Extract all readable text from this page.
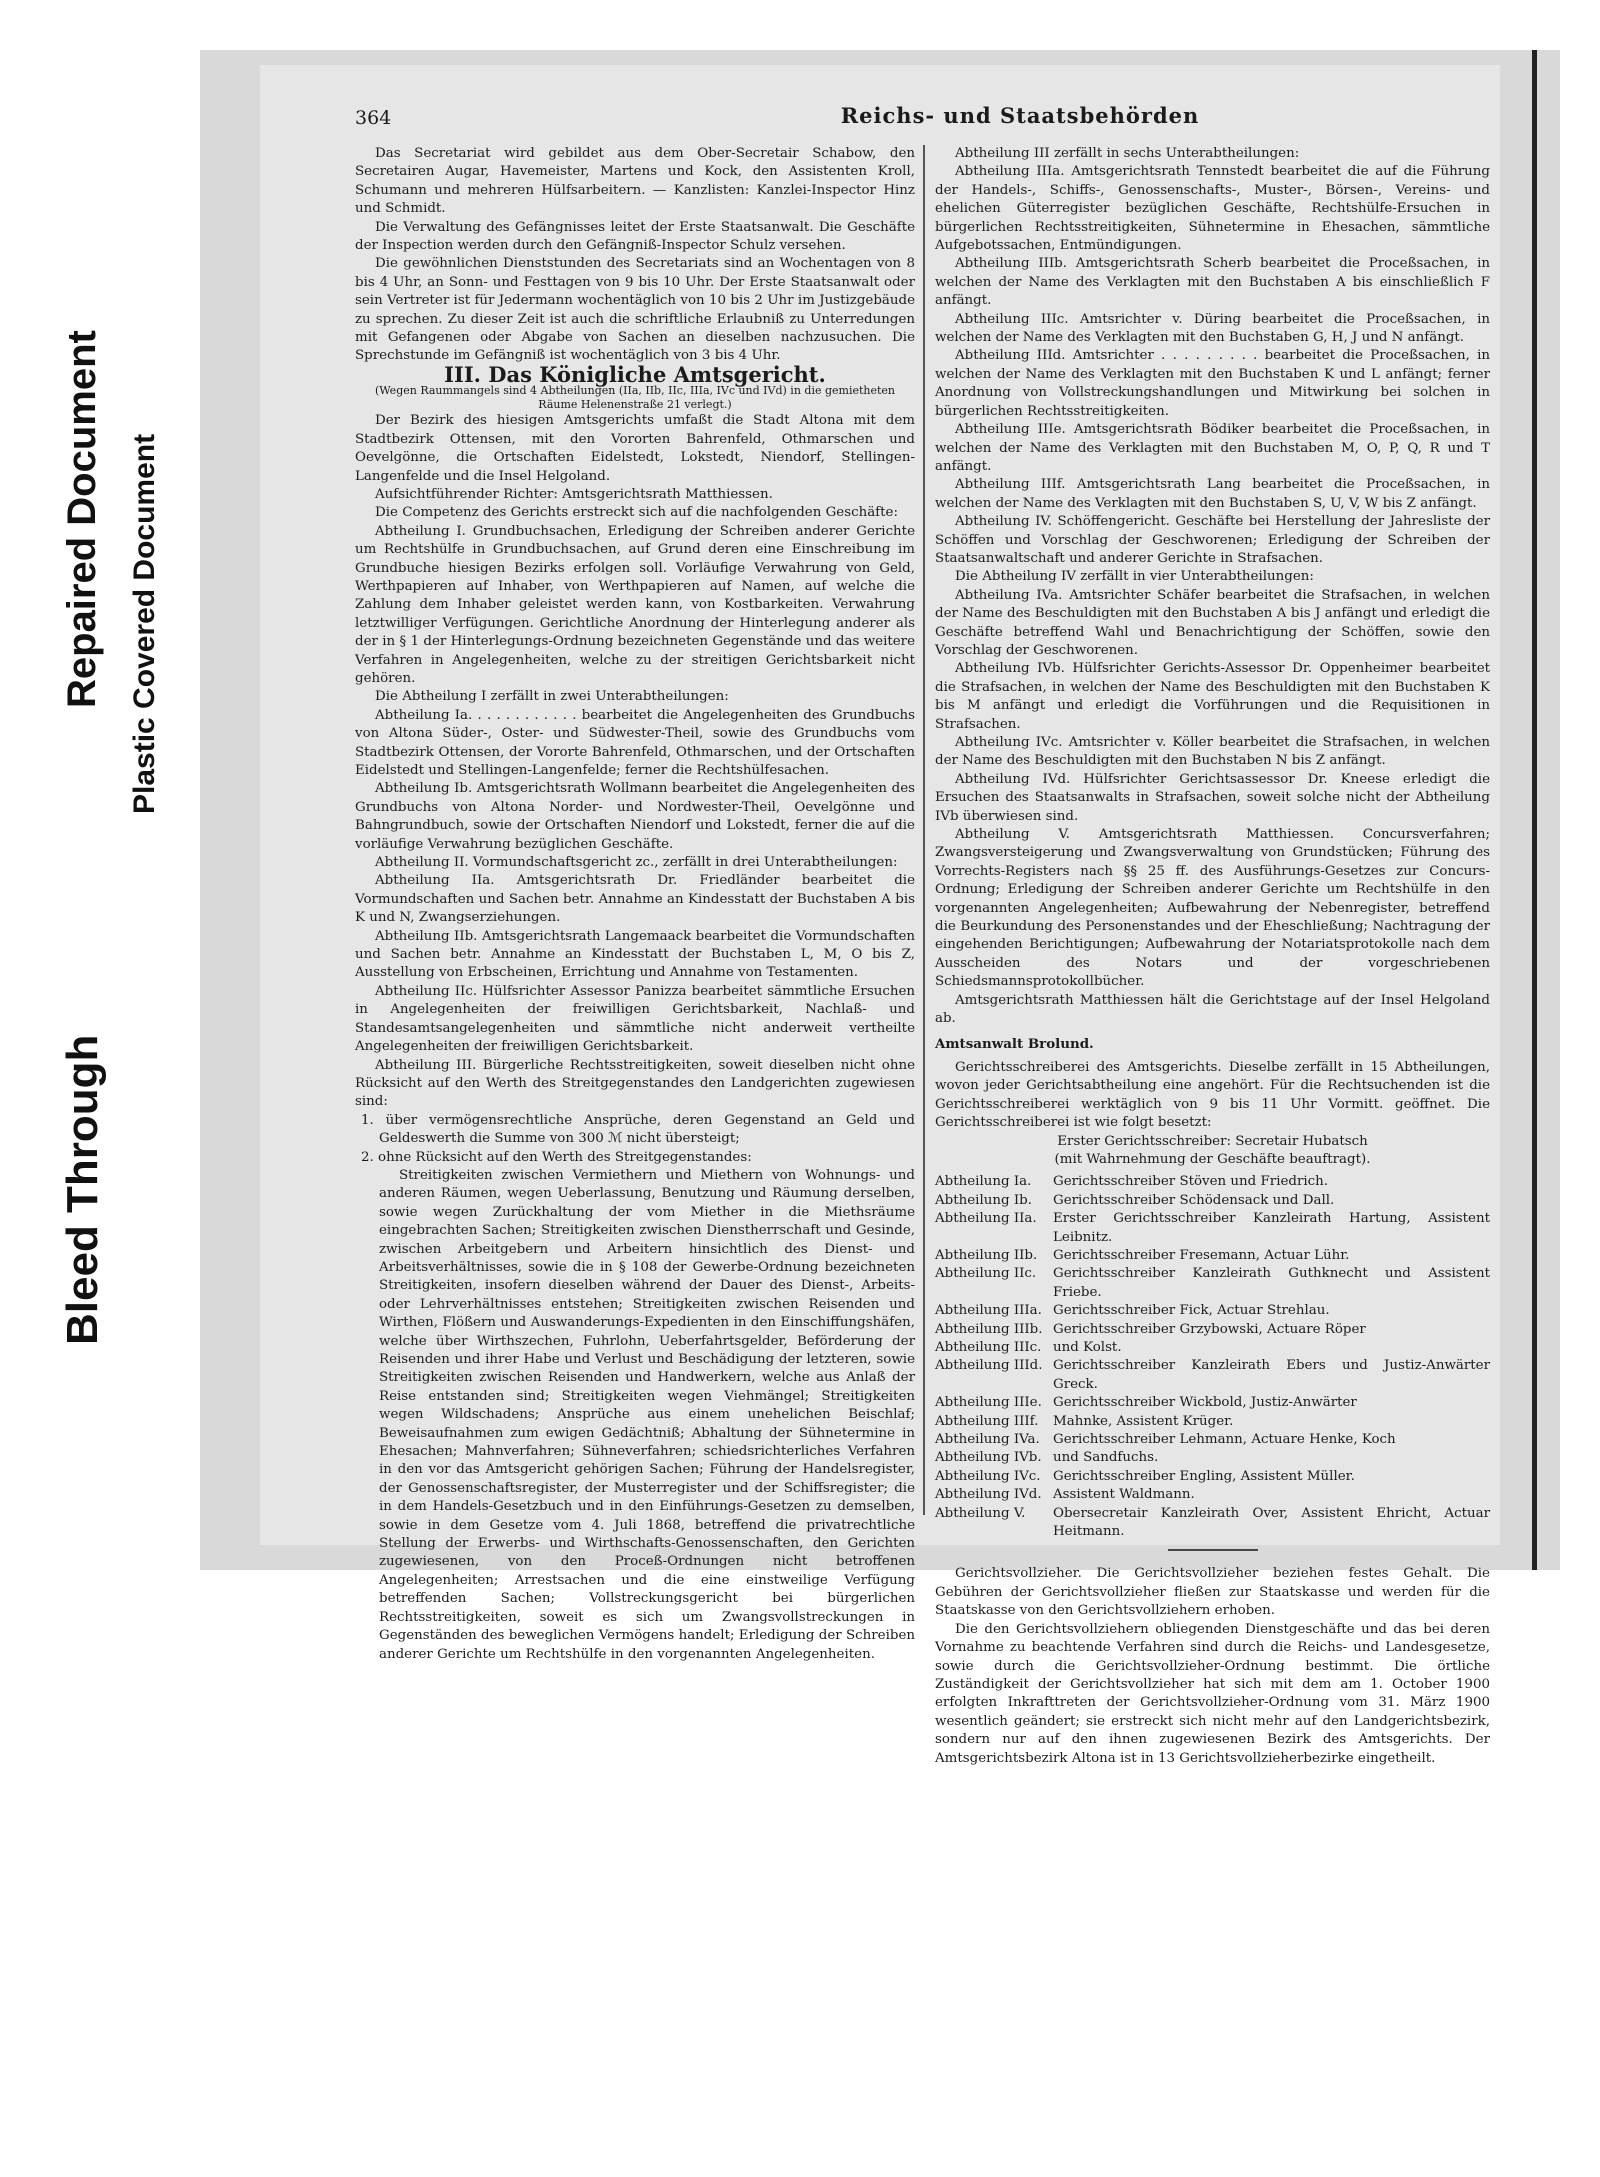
Bleed Through
Repaired Document Plastic Covered Document
364	Reichs- und Staatsbehörden

Das Secretariat wird gebildet aus dem Ober-Secretair Schabow, den Secretairen Augar, Havemeister, Martens und Kock, den Assistenten Kroll, Schumann und mehreren Hülfsarbeitern. — Kanzlisten: Kanzlei-Inspector Hinz und Schmidt.

Die Verwaltung des Gefängnisses leitet der Erste Staatsanwalt. Die Geschäfte der Inspection werden durch den Gefängniß-Inspector Schulz versehen.

Die gewöhnlichen Dienststunden des Secretariats sind an Wochentagen von 8 bis 4 Uhr, an Sonn- und Festtagen von 9 bis 10 Uhr. Der Erste Staatsanwalt oder sein Vertreter ist für Jedermann wochentäglich von 10 bis 2 Uhr im Justizgebäude zu sprechen. Zu dieser Zeit ist auch die schriftliche Erlaubniß zu Unterredungen mit Gefangenen oder Abgabe von Sachen an dieselben nachzusuchen. Die Sprechstunde im Gefängniß ist wochentäglich von 3 bis 4 Uhr.

III. Das Königliche Amtsgericht.

(Wegen Raummangels sind 4 Abtheilungen (IIa, IIb, IIc, IIIa, IVc und IVd) in die gemietheten Räume Helenenstraße 21 verlegt.)

Der Bezirk des hiesigen Amtsgerichts umfaßt die Stadt Altona mit dem Stadtbezirk Ottensen, mit den Vororten Bahrenfeld, Othmarschen und Oevelgönne, die Ortschaften Eidelstedt, Lokstedt, Niendorf, Stellingen-Langenfelde und die Insel Helgoland.

Aufsichtführender Richter: Amtsgerichtsrath Matthiessen.

Die Competenz des Gerichts erstreckt sich auf die nachfolgenden Geschäfte:

Abtheilung I. Grundbuchsachen, Erledigung der Schreiben anderer Gerichte um Rechtshülfe in Grundbuchsachen, auf Grund deren eine Einschreibung im Grundbuche hiesigen Bezirks erfolgen soll. Vorläufige Verwahrung von Geld, Werthpapieren auf Inhaber, von Werthpapieren auf Namen, auf welche die Zahlung dem Inhaber geleistet werden kann, von Kostbarkeiten. Verwahrung letztwilliger Verfügungen. Gerichtliche Anordnung der Hinterlegung anderer als der in § 1 der Hinterlegungs-Ordnung bezeichneten Gegenstände und das weitere Verfahren in Angelegenheiten, welche zu der streitigen Gerichtsbarkeit nicht gehören.

Die Abtheilung I zerfällt in zwei Unterabtheilungen:

Abtheilung Ia. . . . . . . . . . . . bearbeitet die Angelegenheiten des Grundbuchs von Altona Süder-, Oster- und Südwester-Theil, sowie des Grundbuchs vom Stadtbezirk Ottensen, der Vororte Bahrenfeld, Othmarschen, und der Ortschaften Eidelstedt und Stellingen-Langenfelde; ferner die Rechtshülfesachen.

Abtheilung Ib. Amtsgerichtsrath Wollmann bearbeitet die Angelegenheiten des Grundbuchs von Altona Norder- und Nordwester-Theil, Oevelgönne und Bahngrundbuch, sowie der Ortschaften Niendorf und Lokstedt, ferner die auf die vorläufige Verwahrung bezüglichen Geschäfte.

Abtheilung II. Vormundschaftsgericht zc., zerfällt in drei Unterabtheilungen:

Abtheilung IIa. Amtsgerichtsrath Dr. Friedländer bearbeitet die Vormundschaften und Sachen betr. Annahme an Kindesstatt der Buchstaben A bis K und N, Zwangserziehungen.

Abtheilung IIb. Amtsgerichtsrath Langemaack bearbeitet die Vormundschaften und Sachen betr. Annahme an Kindesstatt der Buchstaben L, M, O bis Z, Ausstellung von Erbscheinen, Errichtung und Annahme von Testamenten.

Abtheilung IIc. Hülfsrichter Assessor Panizza bearbeitet sämmtliche Ersuchen in Angelegenheiten der freiwilligen Gerichtsbarkeit, Nachlaß- und Standesamtsangelegenheiten und sämmtliche nicht anderweit vertheilte Angelegenheiten der freiwilligen Gerichtsbarkeit.

Abtheilung III. Bürgerliche Rechtsstreitigkeiten, soweit dieselben nicht ohne Rücksicht auf den Werth des Streitgegenstandes den Landgerichten zugewiesen sind:

1. über vermögensrechtliche Ansprüche, deren Gegenstand an Geld und Geldeswerth die Summe von 300 ℳ nicht übersteigt;

2. ohne Rücksicht auf den Werth des Streitgegenstandes:

Streitigkeiten zwischen Vermiethern und Miethern von Wohnungs- und anderen Räumen, wegen Ueberlassung, Benutzung und Räumung derselben, sowie wegen Zurückhaltung der vom Miether in die Miethsräume eingebrachten Sachen; Streitigkeiten zwischen Dienstherrschaft und Gesinde, zwischen Arbeitgebern und Arbeitern hinsichtlich des Dienst- und Arbeitsverhältnisses, sowie die in § 108 der Gewerbe-Ordnung bezeichneten Streitigkeiten, insofern dieselben während der Dauer des Dienst-, Arbeits- oder Lehrverhältnisses entstehen; Streitigkeiten zwischen Reisenden und Wirthen, Flößern und Auswanderungs-Expedienten in den Einschiffungshäfen, welche über Wirthszechen, Fuhrlohn, Ueberfahrtsgelder, Beförderung der Reisenden und ihrer Habe und Verlust und Beschädigung der letzteren, sowie Streitigkeiten zwischen Reisenden und Handwerkern, welche aus Anlaß der Reise entstanden sind; Streitigkeiten wegen Viehmängel; Streitigkeiten wegen Wildschadens; Ansprüche aus einem unehelichen Beischlaf; Beweisaufnahmen zum ewigen Gedächtniß; Abhaltung der Sühnetermine in Ehesachen; Mahnverfahren; Sühneverfahren; schiedsrichterliches Verfahren in den vor das Amtsgericht gehörigen Sachen; Führung der Handelsregister, der Genossenschaftsregister, der Musterregister und der Schiffsregister; die in dem Handels-Gesetzbuch und in den Einführungs-Gesetzen zu demselben, sowie in dem Gesetze vom 4. Juli 1868, betreffend die privatrechtliche Stellung der Erwerbs- und Wirthschafts-Genossenschaften, den Gerichten zugewiesenen, von den Proceß-Ordnungen nicht betroffenen Angelegenheiten; Arrestsachen und die eine einstweilige Verfügung betreffenden Sachen; Vollstreckungsgericht bei bürgerlichen Rechtsstreitigkeiten, soweit es sich um Zwangsvollstreckungen in Gegenständen des beweglichen Vermögens handelt; Erledigung der Schreiben anderer Gerichte um Rechtshülfe in den vorgenannten Angelegenheiten.

Abtheilung III zerfällt in sechs Unterabtheilungen:

Abtheilung IIIa. Amtsgerichtsrath Tennstedt bearbeitet die auf die Führung der Handels-, Schiffs-, Genossenschafts-, Muster-, Börsen-, Vereins- und ehelichen Güterregister bezüglichen Geschäfte, Rechtshülfe-Ersuchen in bürgerlichen Rechtsstreitigkeiten, Sühnetermine in Ehesachen, sämmtliche Aufgebotssachen, Entmündigungen.

Abtheilung IIIb. Amtsgerichtsrath Scherb bearbeitet die Proceßsachen, in welchen der Name des Verklagten mit den Buchstaben A bis einschließlich F anfängt.

Abtheilung IIIc. Amtsrichter v. Düring bearbeitet die Proceßsachen, in welchen der Name des Verklagten mit den Buchstaben G, H, J und N anfängt.

Abtheilung IIId. Amtsrichter . . . . . . . . . bearbeitet die Proceßsachen, in welchen der Name des Verklagten mit den Buchstaben K und L anfängt; ferner Anordnung von Vollstreckungshandlungen und Mitwirkung bei solchen in bürgerlichen Rechtsstreitigkeiten.

Abtheilung IIIe. Amtsgerichtsrath Bödiker bearbeitet die Proceßsachen, in welchen der Name des Verklagten mit den Buchstaben M, O, P, Q, R und T anfängt.

Abtheilung IIIf. Amtsgerichtsrath Lang bearbeitet die Proceßsachen, in welchen der Name des Verklagten mit den Buchstaben S, U, V, W bis Z anfängt.

Abtheilung IV. Schöffengericht. Geschäfte bei Herstellung der Jahresliste der Schöffen und Vorschlag der Geschworenen; Erledigung der Schreiben der Staatsanwaltschaft und anderer Gerichte in Strafsachen.

Die Abtheilung IV zerfällt in vier Unterabtheilungen:

Abtheilung IVa. Amtsrichter Schäfer bearbeitet die Strafsachen, in welchen der Name des Beschuldigten mit den Buchstaben A bis J anfängt und erledigt die Geschäfte betreffend Wahl und Benachrichtigung der Schöffen, sowie den Vorschlag der Geschworenen.

Abtheilung IVb. Hülfsrichter Gerichts-Assessor Dr. Oppenheimer bearbeitet die Strafsachen, in welchen der Name des Beschuldigten mit den Buchstaben K bis M anfängt und erledigt die Vorführungen und die Requisitionen in Strafsachen.

Abtheilung IVc. Amtsrichter v. Köller bearbeitet die Strafsachen, in welchen der Name des Beschuldigten mit den Buchstaben N bis Z anfängt.

Abtheilung IVd. Hülfsrichter Gerichtsassessor Dr. Kneese erledigt die Ersuchen des Staatsanwalts in Strafsachen, soweit solche nicht der Abtheilung IVb überwiesen sind.

Abtheilung V. Amtsgerichtsrath Matthiessen. Concursverfahren; Zwangsversteigerung und Zwangsverwaltung von Grundstücken; Führung des Vorrechts-Registers nach §§ 25 ff. des Ausführungs-Gesetzes zur Concurs-Ordnung; Erledigung der Schreiben anderer Gerichte um Rechtshülfe in den vorgenannten Angelegenheiten; Aufbewahrung der Nebenregister, betreffend die Beurkundung des Personenstandes und der Eheschließung; Nachtragung der eingehenden Berichtigungen; Aufbewahrung der Notariatsprotokolle nach dem Ausscheiden des Notars und der vorgeschriebenen Schiedsmannsprotokollbücher.

Amtsgerichtsrath Matthiessen hält die Gerichtstage auf der Insel Helgoland ab.

Amtsanwalt Brolund.

Gerichtsschreiberei des Amtsgerichts. Dieselbe zerfällt in 15 Abtheilungen, wovon jeder Gerichtsabtheilung eine angehört. Für die Rechtsuchenden ist die Gerichtsschreiberei werktäglich von 9 bis 11 Uhr Vormitt. geöffnet. Die Gerichtsschreiberei ist wie folgt besetzt:

Erster Gerichtsschreiber: Secretair Hubatsch
(mit Wahrnehmung der Geschäfte beauftragt).

Abtheilung Ia.	Gerichtsschreiber Stöven und Friedrich.
Abtheilung Ib.	Gerichtsschreiber Schödensack und Dall.
Abtheilung IIa.	Erster Gerichtsschreiber Kanzleirath Hartung, Assistent Leibnitz.
Abtheilung IIb.	Gerichtsschreiber Fresemann, Actuar Lühr.
Abtheilung IIc.	Gerichtsschreiber Kanzleirath Guthknecht und Assistent Friebe.
Abtheilung IIIa. Gerichtsschreiber Fick, Actuar Strehlau.
Abtheilung IIIb. Gerichtsschreiber Grzybowski, Actuare Röper
Abtheilung IIIc. und Kolst.
Abtheilung IIId. Gerichtsschreiber Kanzleirath Ebers und Justiz-Anwärter Greck.
Abtheilung IIIe. Gerichtsschreiber Wickbold, Justiz-Anwärter
Abtheilung IIIf.	Mahnke, Assistent Krüger.
Abtheilung IVa. Gerichtsschreiber Lehmann, Actuare Henke, Koch
Abtheilung IVb. und Sandfuchs.
Abtheilung IVc. Gerichtsschreiber Engling, Assistent Müller.
Abtheilung IVd. Assistent Waldmann.
Abtheilung V.	Obersecretair Kanzleirath Over, Assistent Ehricht, Actuar Heitmann.

Gerichtsvollzieher. Die Gerichtsvollzieher beziehen festes Gehalt. Die Gebühren der Gerichtsvollzieher fließen zur Staatskasse und werden für die Staatskasse von den Gerichtsvollziehern erhoben.

Die den Gerichtsvollziehern obliegenden Dienstgeschäfte und das bei deren Vornahme zu beachtende Verfahren sind durch die Reichs- und Landesgesetze, sowie durch die Gerichtsvollzieher-Ordnung bestimmt. Die örtliche Zuständigkeit der Gerichtsvollzieher hat sich mit dem am 1. October 1900 erfolgten Inkrafttreten der Gerichtsvollzieher-Ordnung vom 31. März 1900 wesentlich geändert; sie erstreckt sich nicht mehr auf den Landgerichtsbezirk, sondern nur auf den ihnen zugewiesenen Bezirk des Amtsgerichts. Der Amtsgerichtsbezirk Altona ist in 13 Gerichtsvollzieherbezirke eingetheilt.
